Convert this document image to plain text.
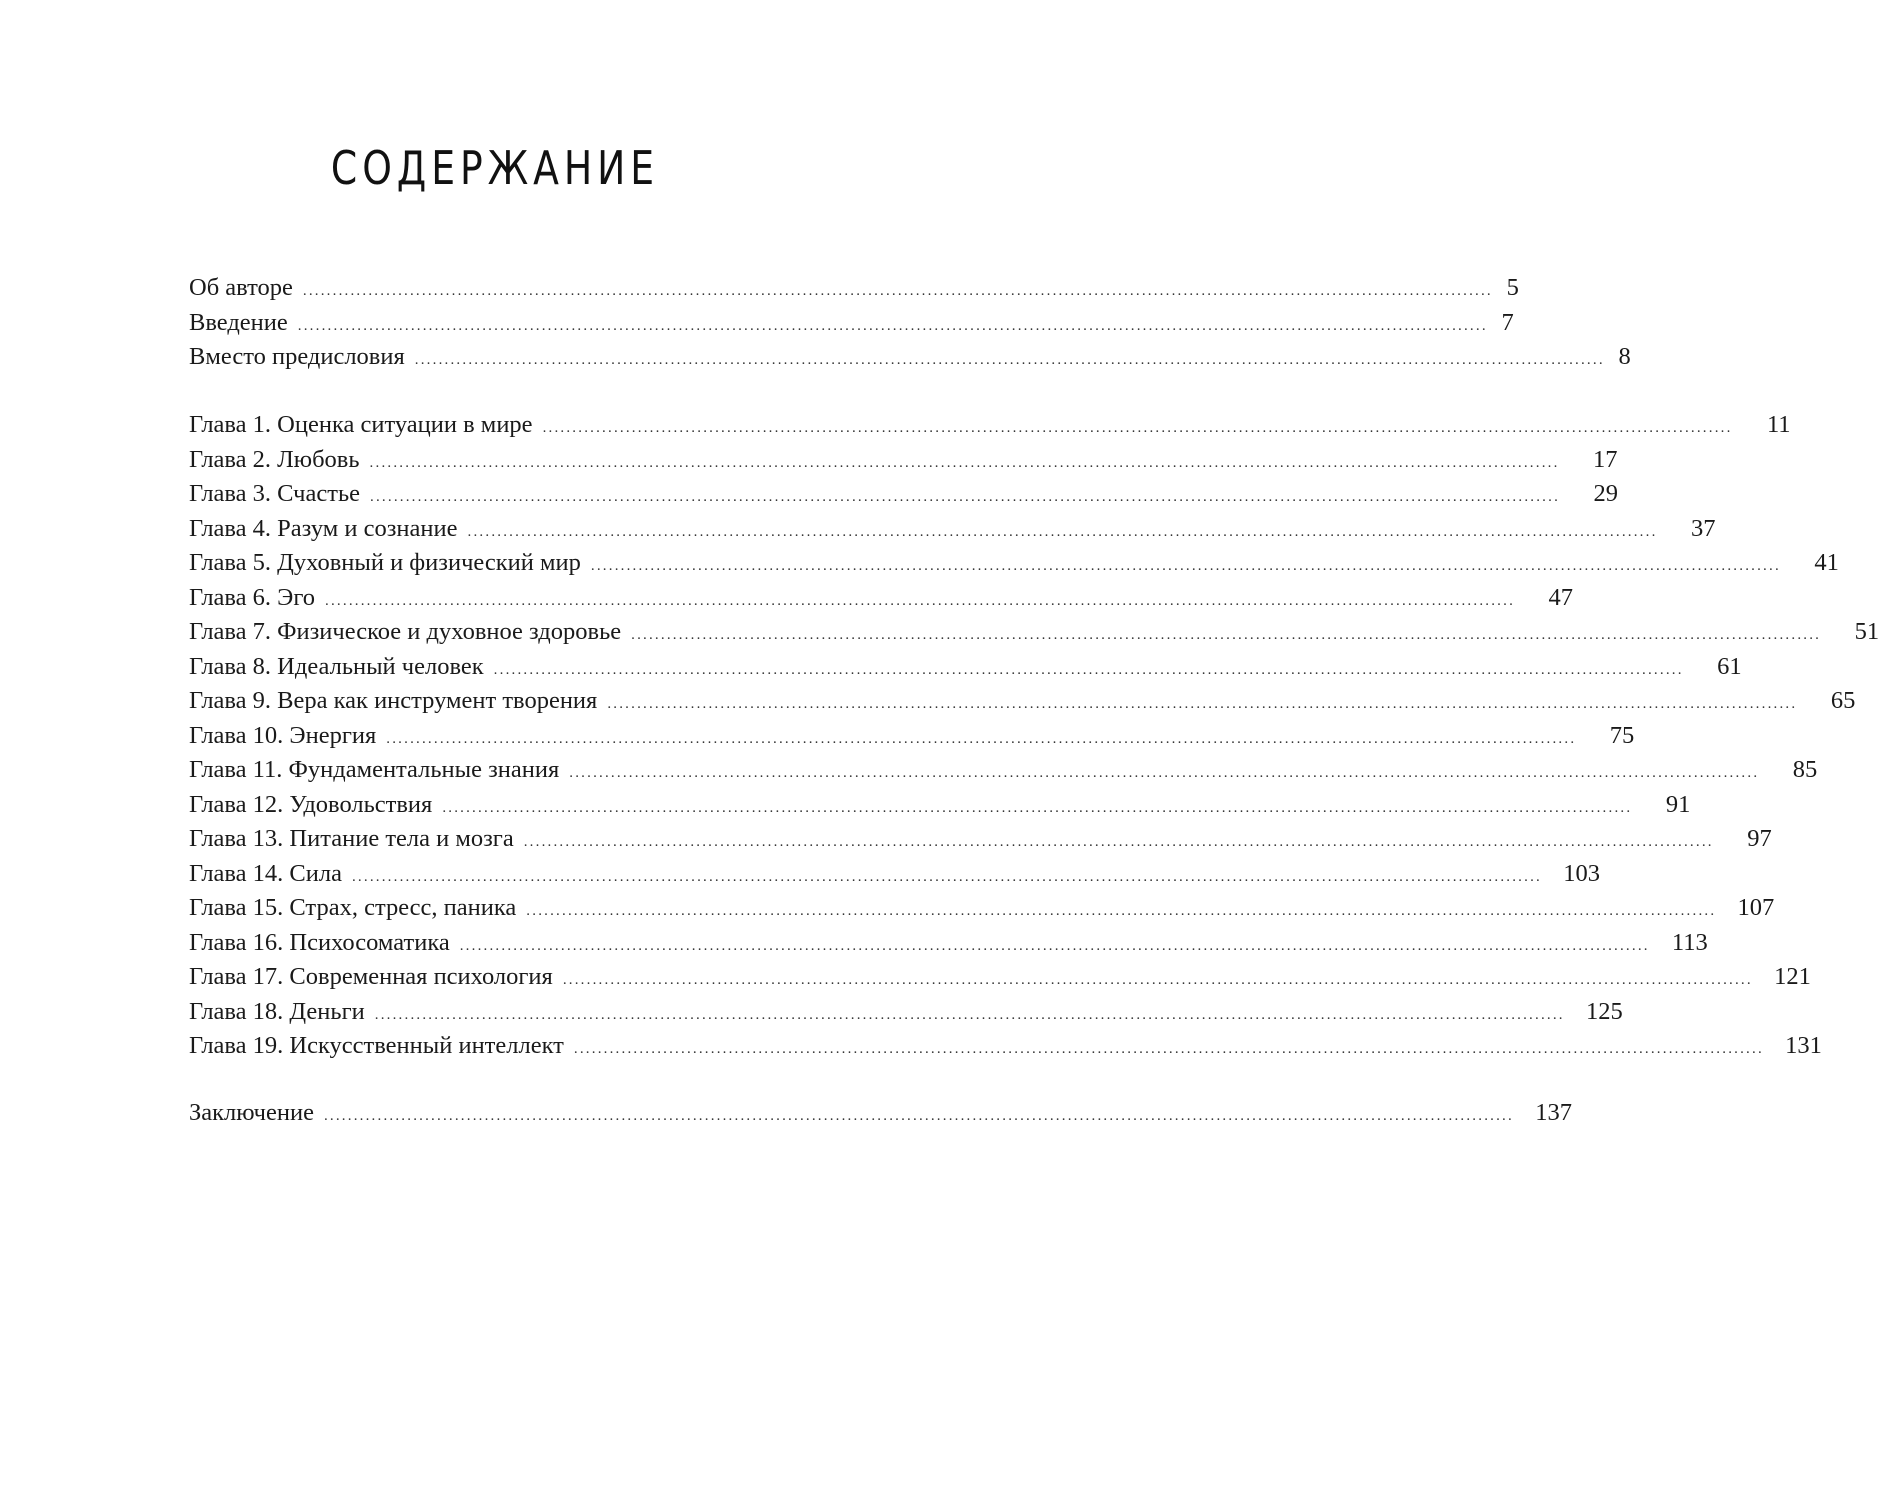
СОДЕРЖАНИЕ
Об авторе ........................................................................................................................................................................................................ 5
Введение ........................................................................................................................................................................................................ 7
Вместо предисловия ........................................................................................................................................................................................................ 8
Глава 1. Оценка ситуации в мире ........................................................................................................................................................................................................	11
Глава 2. Любовь ........................................................................................................................................................................................................	17
Глава 3. Счастье ........................................................................................................................................................................................................	29
Глава 4. Разум и сознание ........................................................................................................................................................................................................	37
Глава 5. Духовный и физический мир ........................................................................................................................................................................................................	41
Глава 6. Эго ........................................................................................................................................................................................................	47
Глава 7. Физическое и духовное здоровье ........................................................................................................................................................................................................	51
Глава 8. Идеальный человек ........................................................................................................................................................................................................	61
Глава 9. Вера как инструмент творения ........................................................................................................................................................................................................	65
Глава 10. Энергия ........................................................................................................................................................................................................	75
Глава 11. Фундаментальные знания ........................................................................................................................................................................................................	85
Глава 12. Удовольствия ........................................................................................................................................................................................................	91
Глава 13. Питание тела и мозга ........................................................................................................................................................................................................	97
Глава 14. Сила ........................................................................................................................................................................................................ 103
Глава 15. Страх, стресс, паника ........................................................................................................................................................................................................ 107
Глава 16. Психосоматика ........................................................................................................................................................................................................ 113
Глава 17. Современная психология ........................................................................................................................................................................................................ 121
Глава 18. Деньги ........................................................................................................................................................................................................ 125
Глава 19. Искусственный интеллект ........................................................................................................................................................................................................ 131
Заключение ........................................................................................................................................................................................................ 137
